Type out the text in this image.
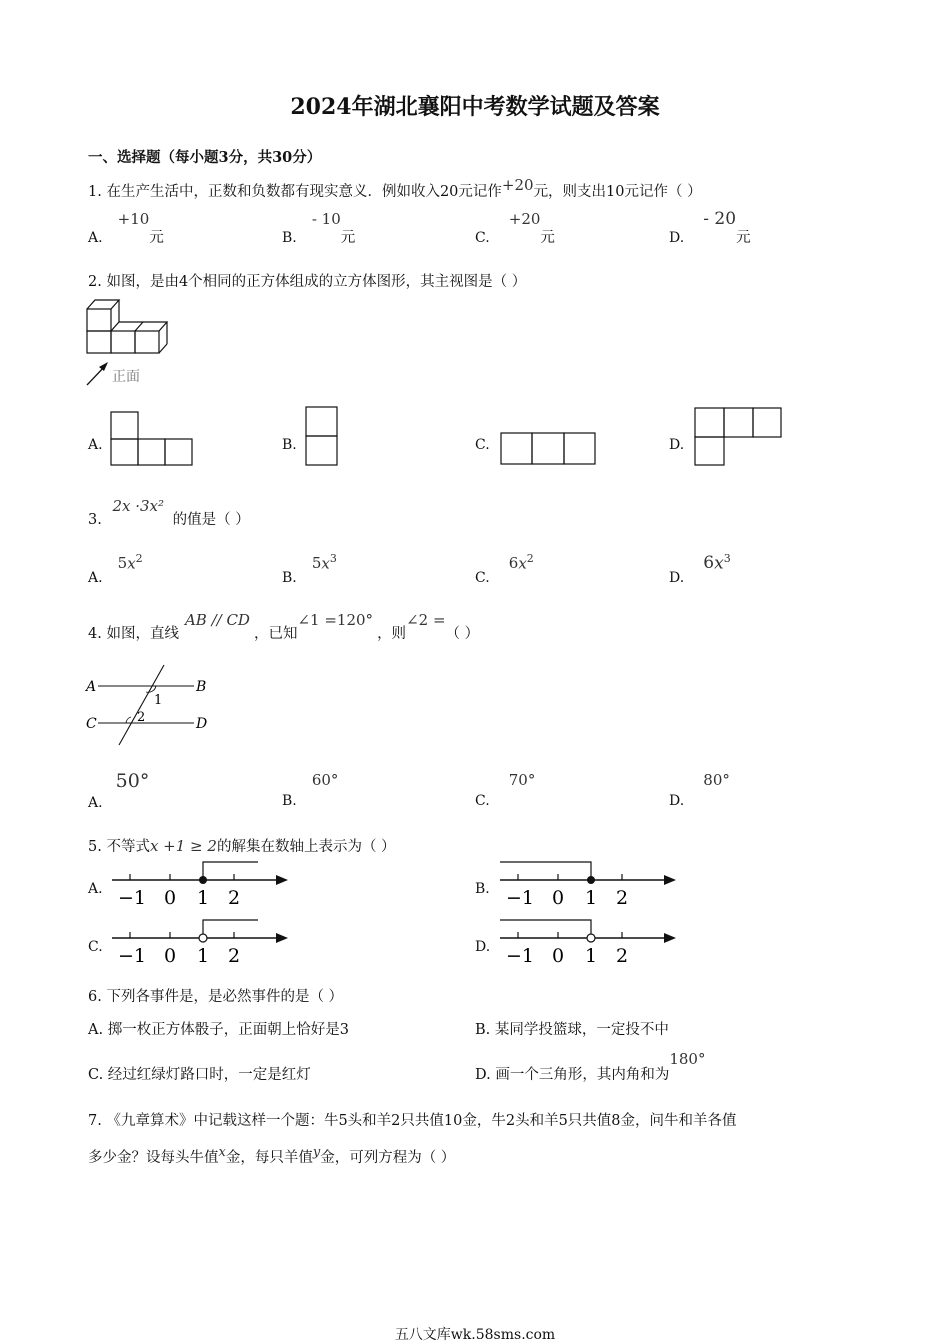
2024年湖北襄阳中考数学试题及答案
一、选择题（每小题3分，共30分）
1. 在生产生活中，正数和负数都有现实意义．例如收入20元记作+20元，则支出10元记作（ ）
A. +10元	B. - 10元	C. +20元	D. - 20元
2. 如图，是由4个相同的正方体组成的立方体图形，其主视图是（ ）
正面
A.	B.	C.	D.
3. 2x ·3x² 的值是（ ）
A. $5x^2$
B. $5x^3$
C. $6x^2$
D. $6x^3$
4. 如图，直线AB // CD，已知∠1 =120°，则∠2 =（ ）
A	B
C	D
1
2
A. 50°
B. 60°
C. 70°
D. 80°
5. 不等式x +1 ≥ 2的解集在数轴上表示为（ ）
A. −1 0 1 2	B. −1 0 1 2
C. −1 0 1 2	D. −1 0 1 2
6. 下列各事件是，是必然事件的是（ ）
A. 掷一枚正方体骰子，正面朝上恰好是3	B. 某同学投篮球，一定投不中
C. 经过红绿灯路口时，一定是红灯	D. 画一个三角形，其内角和为180°
7. 《九章算术》中记载这样一个题：牛5头和羊2只共值10金，牛2头和羊5只共值8金，问牛和羊各值
多少金？设每头牛值x金，每只羊值y金，可列方程为（ ）
五八文库wk.58sms.com
